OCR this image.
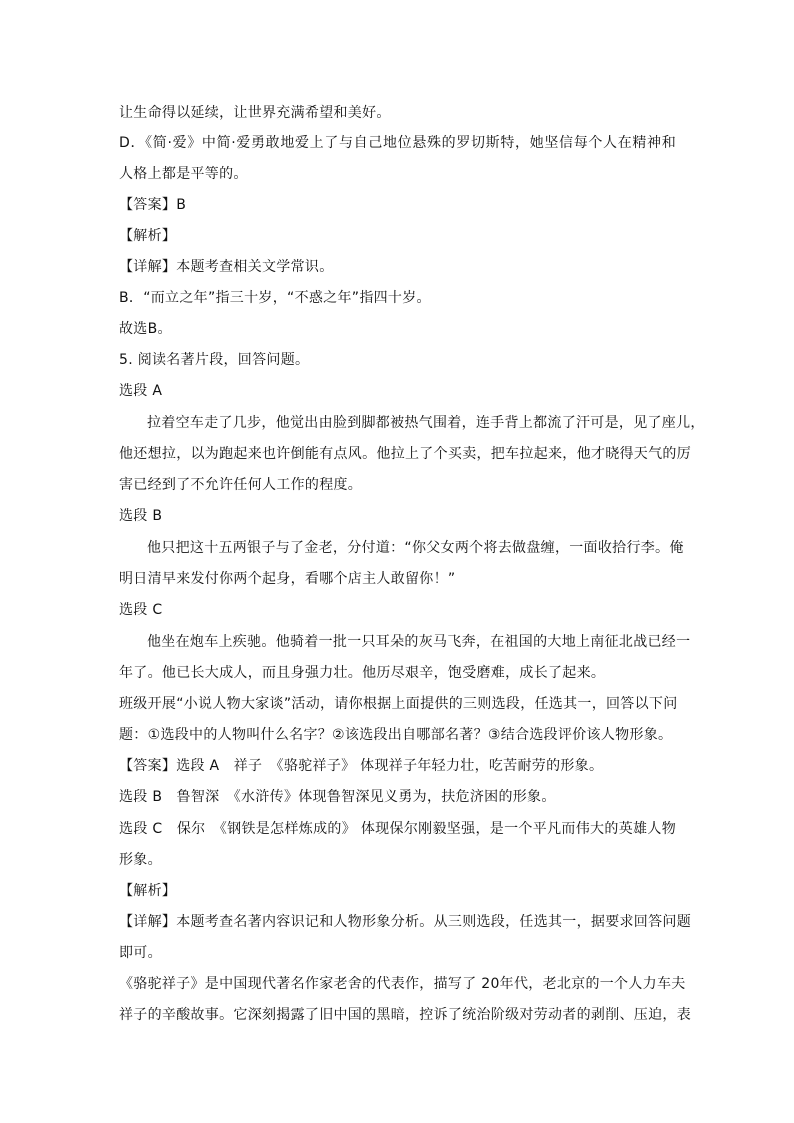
让生命得以延续，让世界充满希望和美好。
D．《简·爱》中简·爱勇敢地爱上了与自己地位悬殊的罗切斯特，她坚信每个人在精神和
人格上都是平等的。
【答案】B
【解析】
【详解】本题考查相关文学常识。
B．“而立之年”指三十岁，“不惑之年”指四十岁。
故选B。
5. 阅读名著片段，回答问题。
选段 A
拉着空车走了几步，他觉出由脸到脚都被热气围着，连手背上都流了汗可是，见了座儿，
他还想拉，以为跑起来也许倒能有点风。他拉上了个买卖，把车拉起来，他才晓得天气的厉
害已经到了不允许任何人工作的程度。
选段 B
他只把这十五两银子与了金老，分付道：“你父女两个将去做盘缠，一面收拾行李。俺
明日清早来发付你两个起身，看哪个店主人敢留你！”
选段 C
他坐在炮车上疾驰。他骑着一批一只耳朵的灰马飞奔，在祖国的大地上南征北战已经一
年了。他已长大成人，而且身强力壮。他历尽艰辛，饱受磨难，成长了起来。
班级开展“小说人物大家谈”活动，请你根据上面提供的三则选段，任选其一，回答以下问
题：①选段中的人物叫什么名字？②该选段出自哪部名著？③结合选段评价该人物形象。
【答案】选段 A　祥子　《骆驼祥子》 体现祥子年轻力壮，吃苦耐劳的形象。
选段 B　鲁智深　《水浒传》体现鲁智深见义勇为，扶危济困的形象。
选段 C　保尔　《钢铁是怎样炼成的》 体现保尔刚毅坚强，是一个平凡而伟大的英雄人物
形象。
【解析】
【详解】本题考查名著内容识记和人物形象分析。从三则选段，任选其一，据要求回答问题
即可。
《骆驼祥子》是中国现代著名作家老舍的代表作，描写了 20年代，老北京的一个人力车夫
祥子的辛酸故事。它深刻揭露了旧中国的黑暗，控诉了统治阶级对劳动者的剥削、压迫，表
